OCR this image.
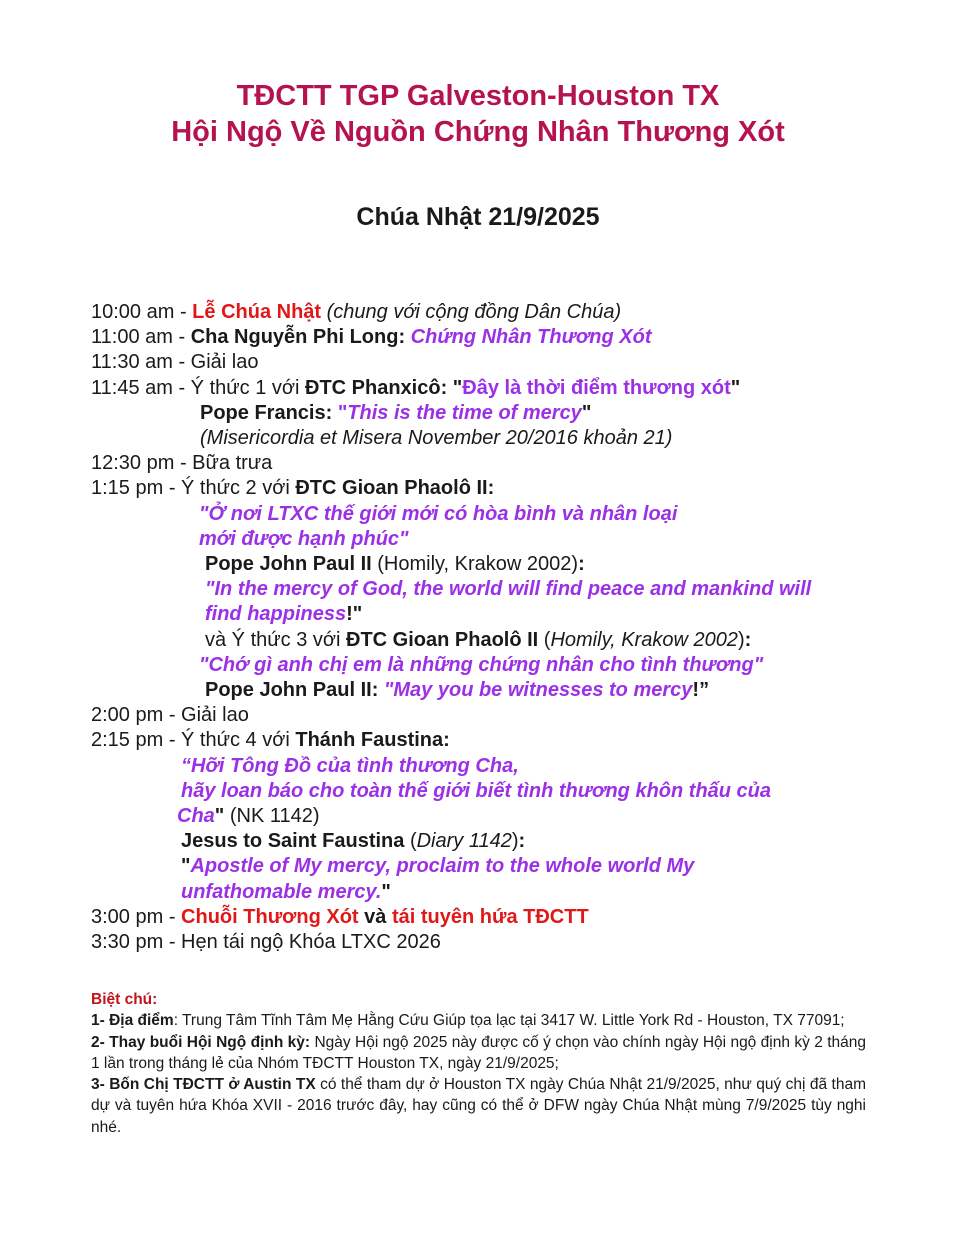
TĐCTT TGP Galveston-Houston TX
Hội Ngộ Về Nguồn Chứng Nhân Thương Xót
Chúa Nhật 21/9/2025
10:00 am - Lễ Chúa Nhật (chung với cộng đồng Dân Chúa)
11:00 am - Cha Nguyễn Phi Long: Chứng Nhân Thương Xót
11:30 am - Giải lao
11:45 am - Ý thức 1 với ĐTC Phanxicô: "Đây là thời điểm thương xót"
Pope Francis: "This is the time of mercy"
(Misericordia et Misera November 20/2016 khoản 21)
12:30 pm - Bữa trưa
1:15 pm - Ý thức 2 với ĐTC Gioan Phaolô II:
"Ở nơi LTXC thế giới mới có hòa bình và nhân loại
mới được hạnh phúc"
Pope John Paul II (Homily, Krakow 2002):
"In the mercy of God, the world will find peace and mankind will
find happiness!"
và Ý thức 3 với ĐTC Gioan Phaolô II (Homily, Krakow 2002):
"Chớ gì anh chị em là những chứng nhân cho tình thương"
Pope John Paul II: "May you be witnesses to mercy!”
2:00 pm - Giải lao
2:15 pm - Ý thức 4 với Thánh Faustina:
“Hỡi Tông Đồ của tình thương Cha,
hãy loan báo cho toàn thế giới biết tình thương khôn thấu của
Cha" (NK 1142)
Jesus to Saint Faustina (Diary 1142):
"Apostle of My mercy, proclaim to the whole world My
unfathomable mercy."
3:00 pm - Chuỗi Thương Xót và tái tuyên hứa TĐCTT
3:30 pm - Hẹn tái ngộ Khóa LTXC 2026

Biệt chú:

1- Địa điểm: Trung Tâm Tĩnh Tâm Mẹ Hằng Cứu Giúp tọa lạc tại 3417 W. Little York Rd - Houston, TX 77091;

2- Thay buổi Hội Ngộ định kỳ: Ngày Hội ngộ 2025 này được cố ý chọn vào chính ngày Hội ngộ định kỳ 2 tháng 1 lần trong tháng lẻ của Nhóm TĐCTT Houston TX, ngày 21/9/2025;

3- Bốn Chị TĐCTT ở Austin TX có thể tham dự ở Houston TX ngày Chúa Nhật 21/9/2025, như quý chị đã tham dự và tuyên hứa Khóa XVII - 2016 trước đây, hay cũng có thể ở DFW ngày Chúa Nhật mùng 7/9/2025 tùy nghi nhé.
